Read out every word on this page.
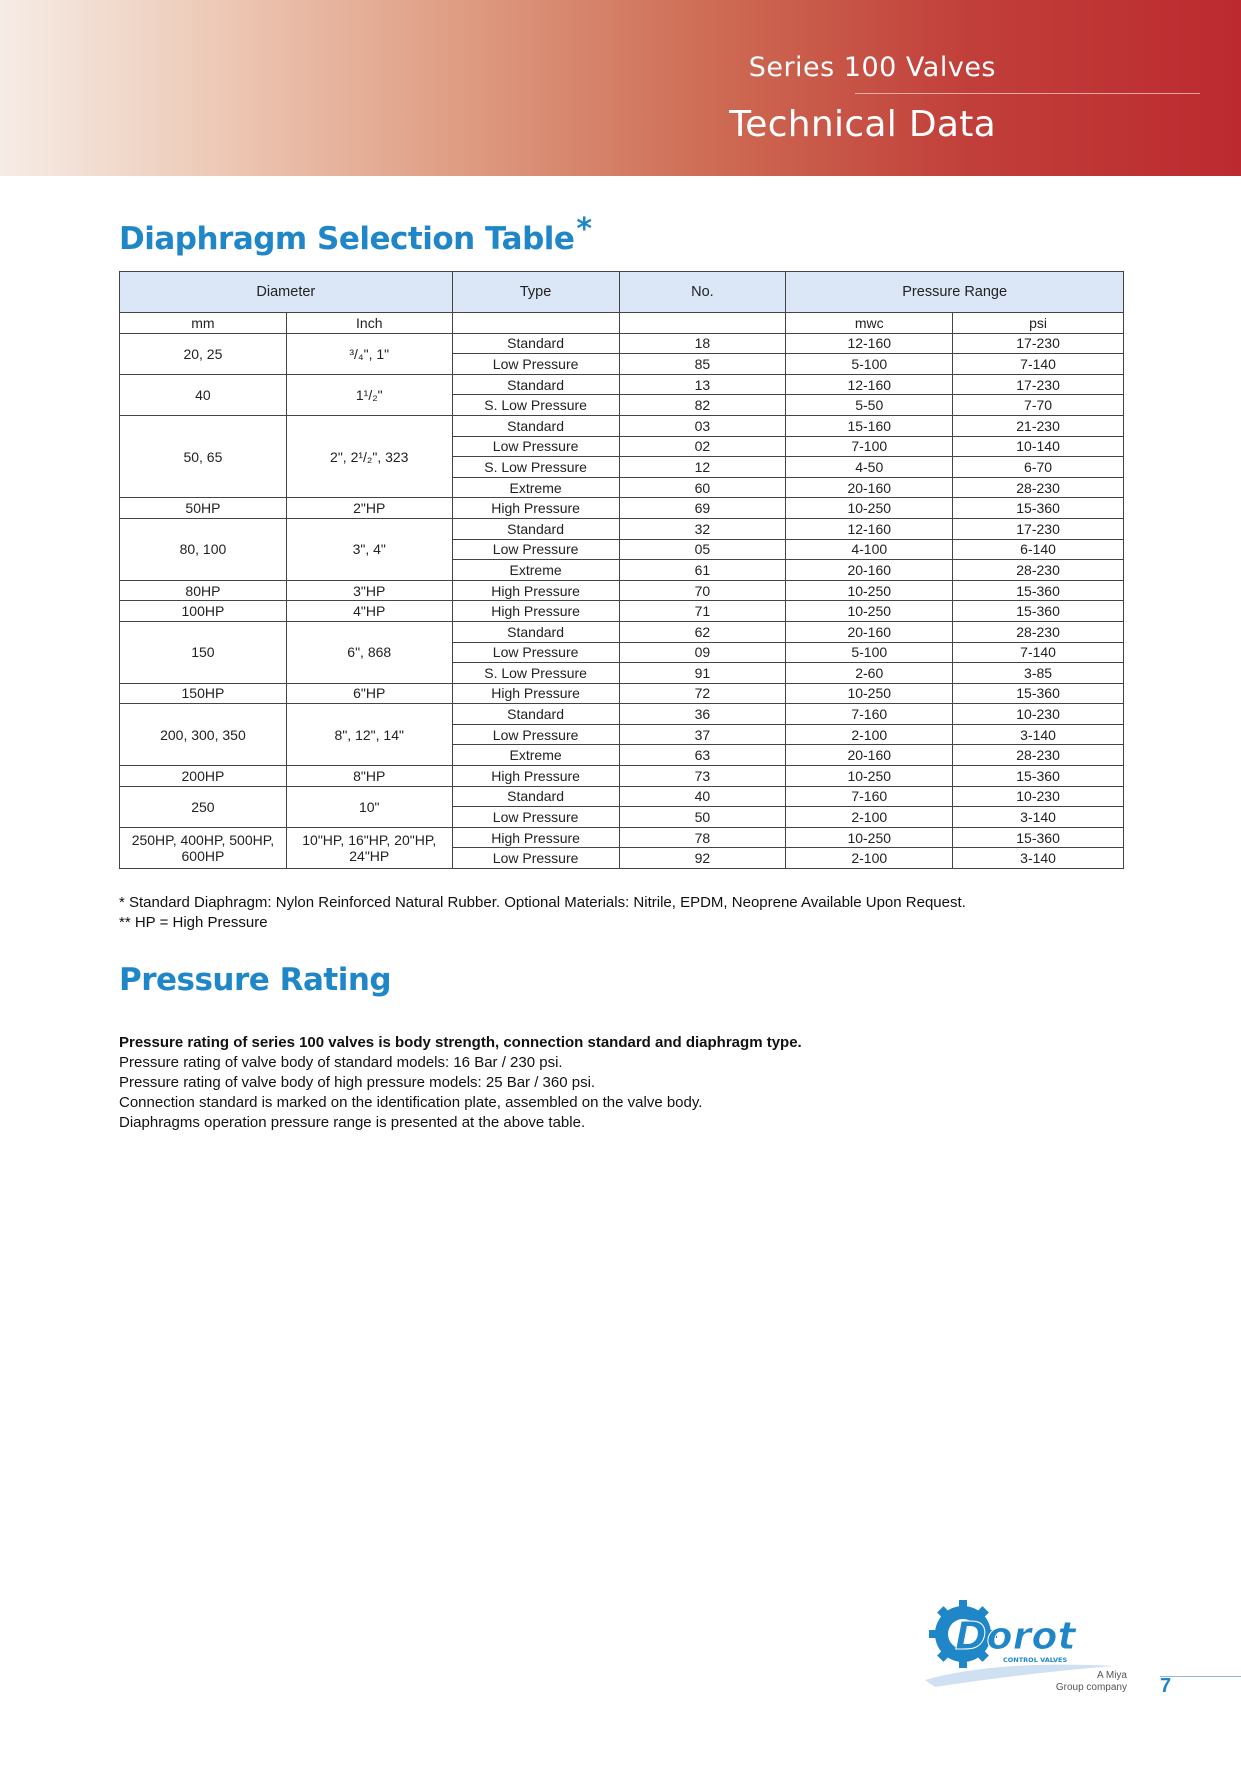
Series 100 Valves
Technical Data
Diaphragm Selection Table*
Diameter		Type	No.	Pressure Range	
mm	Inch			mwc	psi
20, 25	³/₄", 1"	Standard	18	12-160	17-230
		Low Pressure	85	5-100	7-140
40	1¹/₂"	Standard	13	12-160	17-230
		S. Low Pressure	82	5-50	7-70
50, 65	2", 2¹/₂", 323	Standard	03	15-160	21-230
		Low Pressure	02	7-100	10-140
		S. Low Pressure	12	4-50	6-70
		Extreme	60	20-160	28-230
50HP	2"HP	High Pressure	69	10-250	15-360
80, 100	3", 4"	Standard	32	12-160	17-230
		Low Pressure	05	4-100	6-140
		Extreme	61	20-160	28-230
80HP	3"HP	High Pressure	70	10-250	15-360
100HP	4"HP	High Pressure	71	10-250	15-360
150	6", 868	Standard	62	20-160	28-230
		Low Pressure	09	5-100	7-140
		S. Low Pressure	91	2-60	3-85
150HP	6"HP	High Pressure	72	10-250	15-360
200, 300, 350	8", 12", 14"	Standard	36	7-160	10-230
		Low Pressure	37	2-100	3-140
		Extreme	63	20-160	28-230
200HP	8"HP	High Pressure	73	10-250	15-360
250	10"	Standard	40	7-160	10-230
		Low Pressure	50	2-100	3-140
250HP, 400HP, 500HP, 600HP	10"HP, 16"HP, 20"HP, 24"HP	High Pressure	78	10-250	15-360
		Low Pressure	92	2-100	3-140
* Standard Diaphragm: Nylon Reinforced Natural Rubber. Optional Materials: Nitrile, EPDM, Neoprene Available Upon Request.
** HP = High Pressure
Pressure Rating
Pressure rating of series 100 valves is body strength, connection standard and diaphragm type.
Pressure rating of valve body of standard models: 16 Bar / 230 psi.
Pressure rating of valve body of high pressure models: 25 Bar / 360 psi.
Connection standard is marked on the identification plate, assembled on the valve body.
Diaphragms operation pressure range is presented at the above table.
Dorot
CONTROL VALVES
A Miya
Group company 7
